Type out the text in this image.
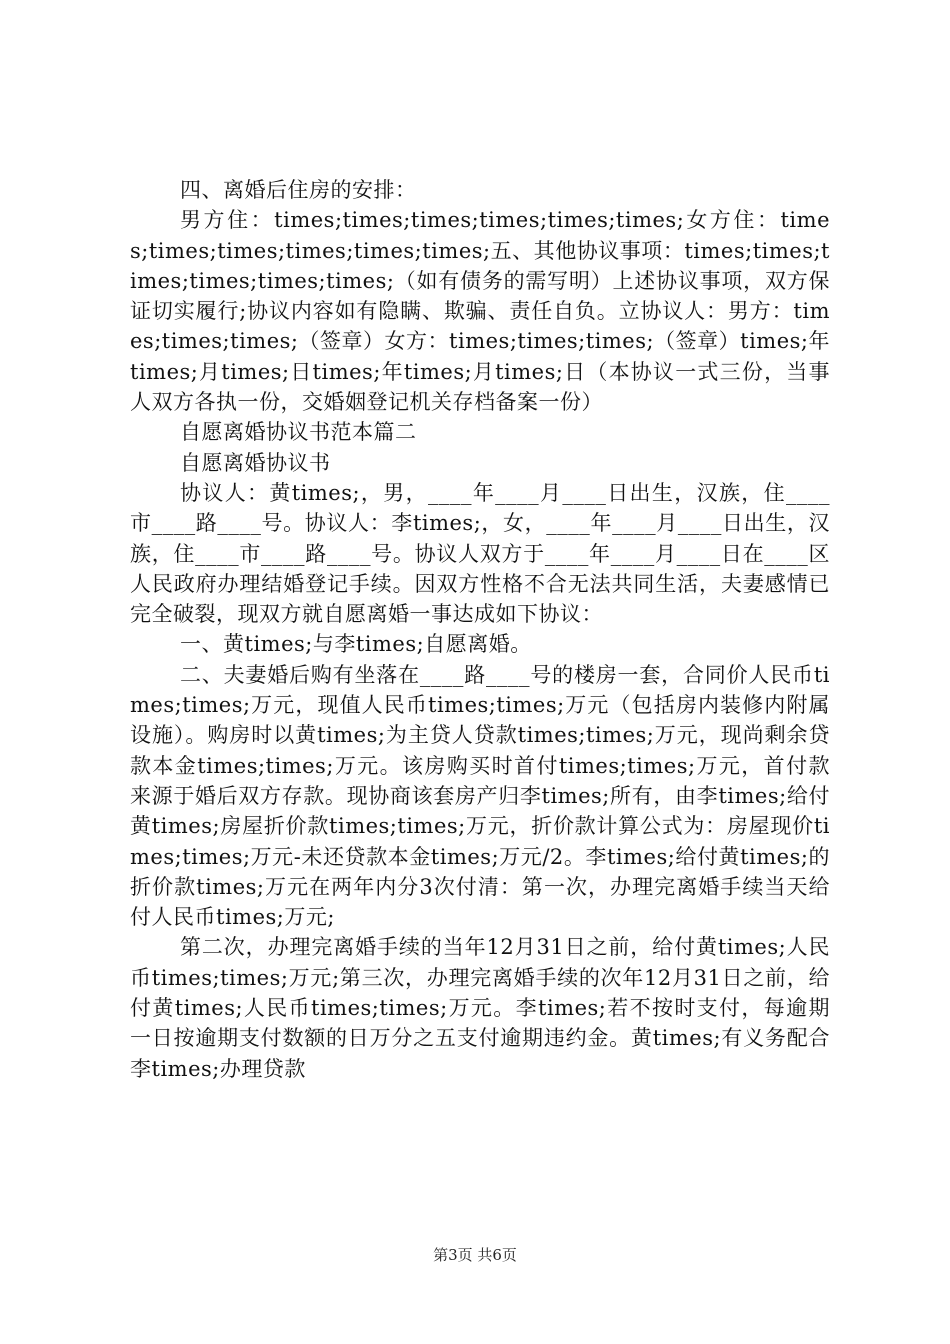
四、离婚后住房的安排：

男方住：times;times;times;times;times;times;女方住：times;times;times;times;times;times;五、其他协议事项：times;times;times;times;times;times;（如有债务的需写明）上述协议事项，双方保证切实履行;协议内容如有隐瞒、欺骗、责任自负。立协议人：男方：times;times;times;（签章）女方：times;times;times;（签章）times;年times;月times;日times;年times;月times;日（本协议一式三份，当事人双方各执一份，交婚姻登记机关存档备案一份）

自愿离婚协议书范本篇二

自愿离婚协议书

协议人：黄times;，男，____年____月____日出生，汉族，住____市____路____号。协议人：李times;，女，____年____月____日出生，汉族，住____市____路____号。协议人双方于____年____月____日在____区人民政府办理结婚登记手续。因双方性格不合无法共同生活，夫妻感情已完全破裂，现双方就自愿离婚一事达成如下协议：

一、黄times;与李times;自愿离婚。

二、夫妻婚后购有坐落在____路____号的楼房一套，合同价人民币times;times;万元，现值人民币times;times;万元（包括房内装修内附属设施）。购房时以黄times;为主贷人贷款times;times;万元，现尚剩余贷款本金times;times;万元。该房购买时首付times;times;万元，首付款来源于婚后双方存款。现协商该套房产归李times;所有，由李times;给付黄times;房屋折价款times;times;万元，折价款计算公式为：房屋现价times;times;万元-未还贷款本金times;万元/2。李times;给付黄times;的折价款times;万元在两年内分3次付清：第一次，办理完离婚手续当天给付人民币times;万元;

第二次，办理完离婚手续的当年12月31日之前，给付黄times;人民币times;times;万元;第三次，办理完离婚手续的次年12月31日之前，给付黄times;人民币times;times;万元。李times;若不按时支付，每逾期一日按逾期支付数额的日万分之五支付逾期违约金。黄times;有义务配合李times;办理贷款

第3页 共6页
